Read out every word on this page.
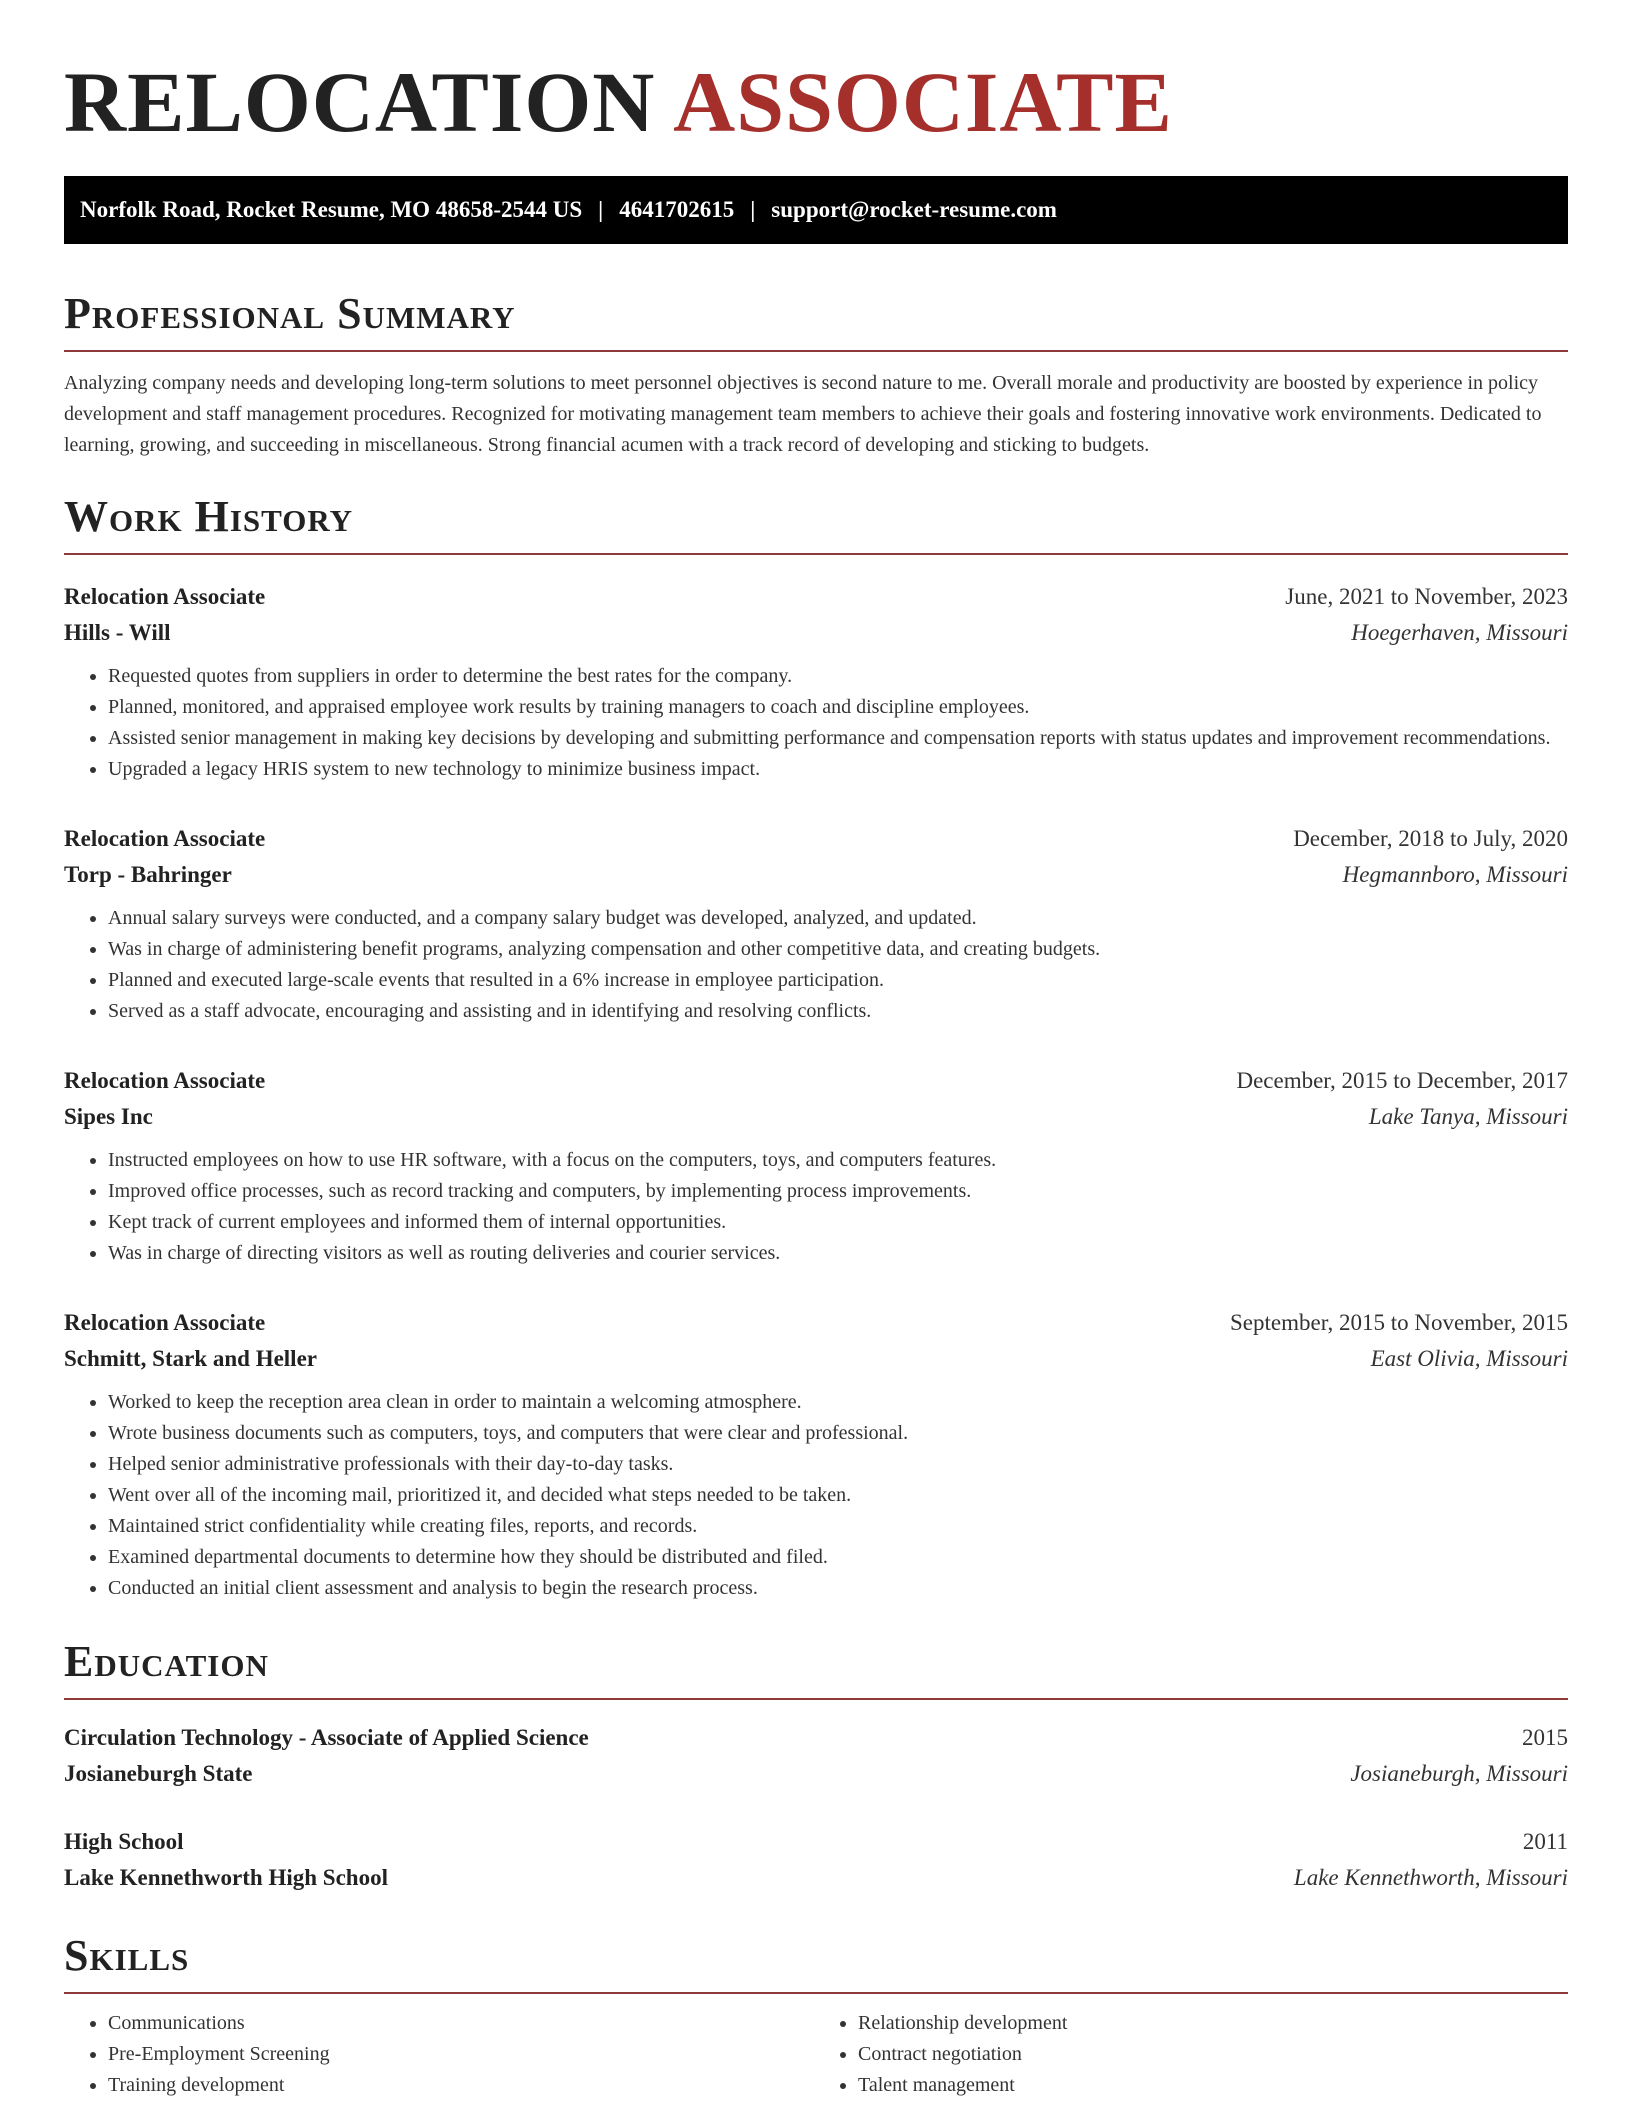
RELOCATION ASSOCIATE
Norfolk Road, Rocket Resume, MO 48658-2544 US | 4641702615 | support@rocket-resume.com
Professional Summary

Analyzing company needs and developing long-term solutions to meet personnel objectives is second nature to me. Overall morale and productivity are boosted by experience in policy development and staff management procedures. Recognized for motivating management team members to achieve their goals and fostering innovative work environments. Dedicated to learning, growing, and succeeding in miscellaneous. Strong financial acumen with a track record of developing and sticking to budgets.

Work History
Relocation Associate	June, 2021 to November, 2023
Hills - Will	Hoegerhaven, Missouri
• Requested quotes from suppliers in order to determine the best rates for the company.
• Planned, monitored, and appraised employee work results by training managers to coach and discipline employees.
• Assisted senior management in making key decisions by developing and submitting performance and compensation reports with status updates and improvement recommendations.
• Upgraded a legacy HRIS system to new technology to minimize business impact.
Relocation Associate	December, 2018 to July, 2020
Torp - Bahringer	Hegmannboro, Missouri
• Annual salary surveys were conducted, and a company salary budget was developed, analyzed, and updated.
• Was in charge of administering benefit programs, analyzing compensation and other competitive data, and creating budgets.
• Planned and executed large-scale events that resulted in a 6% increase in employee participation.
• Served as a staff advocate, encouraging and assisting and in identifying and resolving conflicts.
Relocation Associate	December, 2015 to December, 2017
Sipes Inc	Lake Tanya, Missouri
• Instructed employees on how to use HR software, with a focus on the computers, toys, and computers features.
• Improved office processes, such as record tracking and computers, by implementing process improvements.
• Kept track of current employees and informed them of internal opportunities.
• Was in charge of directing visitors as well as routing deliveries and courier services.
Relocation Associate	September, 2015 to November, 2015
Schmitt, Stark and Heller	East Olivia, Missouri
• Worked to keep the reception area clean in order to maintain a welcoming atmosphere.
• Wrote business documents such as computers, toys, and computers that were clear and professional.
• Helped senior administrative professionals with their day-to-day tasks.
• Went over all of the incoming mail, prioritized it, and decided what steps needed to be taken.
• Maintained strict confidentiality while creating files, reports, and records.
• Examined departmental documents to determine how they should be distributed and filed.
• Conducted an initial client assessment and analysis to begin the research process.
Education
Circulation Technology - Associate of Applied Science	2015
Josianeburgh State	Josianeburgh, Missouri
High School	2011
Lake Kennethworth High School	Lake Kennethworth, Missouri
Skills
• Communications
• Pre-Employment Screening
• Training development
• Relationship development
• Contract negotiation
• Talent management
